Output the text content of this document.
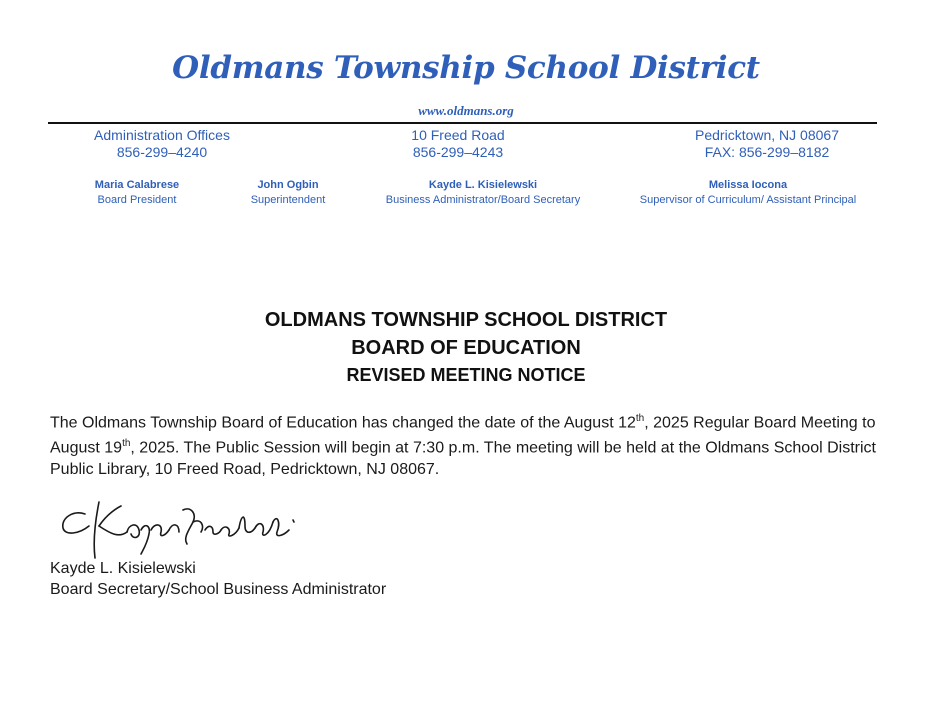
Oldmans Township School District
www.oldmans.org
Administration Offices
856-299–4240
10 Freed Road
856-299–4243
Pedricktown, NJ 08067
FAX: 856-299–8182
Maria Calabrese
Board President
John Ogbin
Superintendent
Kayde L. Kisielewski
Business Administrator/Board Secretary
Melissa Iocona
Supervisor of Curriculum/ Assistant Principal
OLDMANS TOWNSHIP SCHOOL DISTRICT
BOARD OF EDUCATION
REVISED MEETING NOTICE
The Oldmans Township Board of Education has changed the date of the August 12th, 2025 Regular Board Meeting to August 19th, 2025. The Public Session will begin at 7:30 p.m. The meeting will be held at the Oldmans School District Public Library, 10 Freed Road, Pedricktown, NJ 08067.
Kayde L. Kisielewski
Board Secretary/School Business Administrator
